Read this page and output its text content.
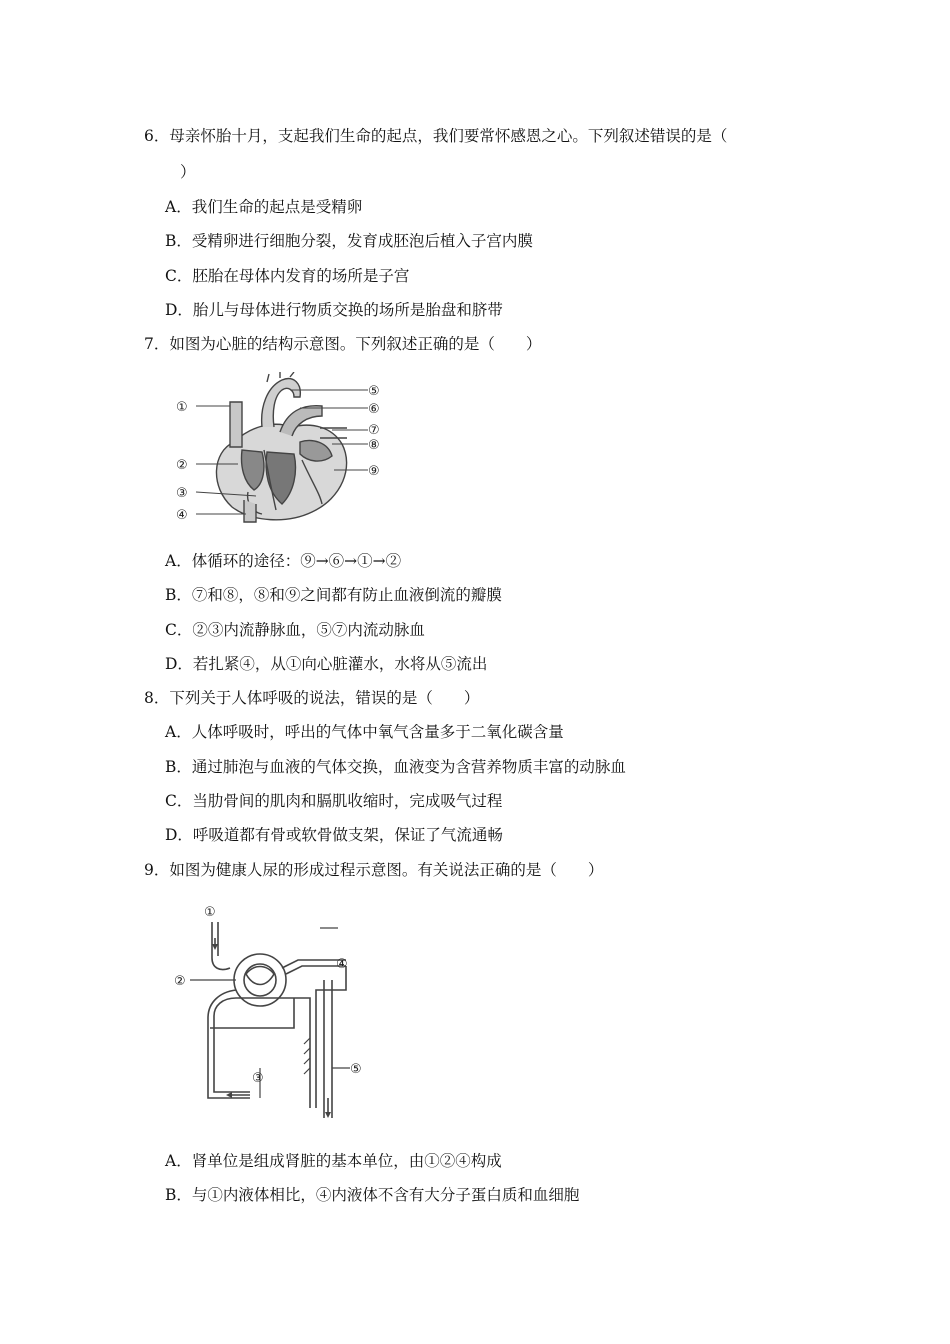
6．母亲怀胎十月，支起我们生命的起点，我们要常怀感恩之心。下列叙述错误的是（
）
A．我们生命的起点是受精卵
B．受精卵进行细胞分裂，发育成胚泡后植入子宫内膜
C．胚胎在母体内发育的场所是子宫
D．胎儿与母体进行物质交换的场所是胎盘和脐带
7．如图为心脏的结构示意图。下列叙述正确的是（　　）
①
②
③
④
⑤
⑥
⑦
⑧
⑨
A．体循环的途径：⑨→⑥→①→②
B．⑦和⑧，⑧和⑨之间都有防止血液倒流的瓣膜
C．②③内流静脉血，⑤⑦内流动脉血
D．若扎紧④，从①向心脏灌水，水将从⑤流出
8．下列关于人体呼吸的说法，错误的是（　　）
A．人体呼吸时，呼出的气体中氧气含量多于二氧化碳含量
B．通过肺泡与血液的气体交换，血液变为含营养物质丰富的动脉血
C．当肋骨间的肌肉和膈肌收缩时，完成吸气过程
D．呼吸道都有骨或软骨做支架，保证了气流通畅
9．如图为健康人尿的形成过程示意图。有关说法正确的是（　　）
①
②
③
④
⑤
A．肾单位是组成肾脏的基本单位，由①②④构成
B．与①内液体相比，④内液体不含有大分子蛋白质和血细胞
